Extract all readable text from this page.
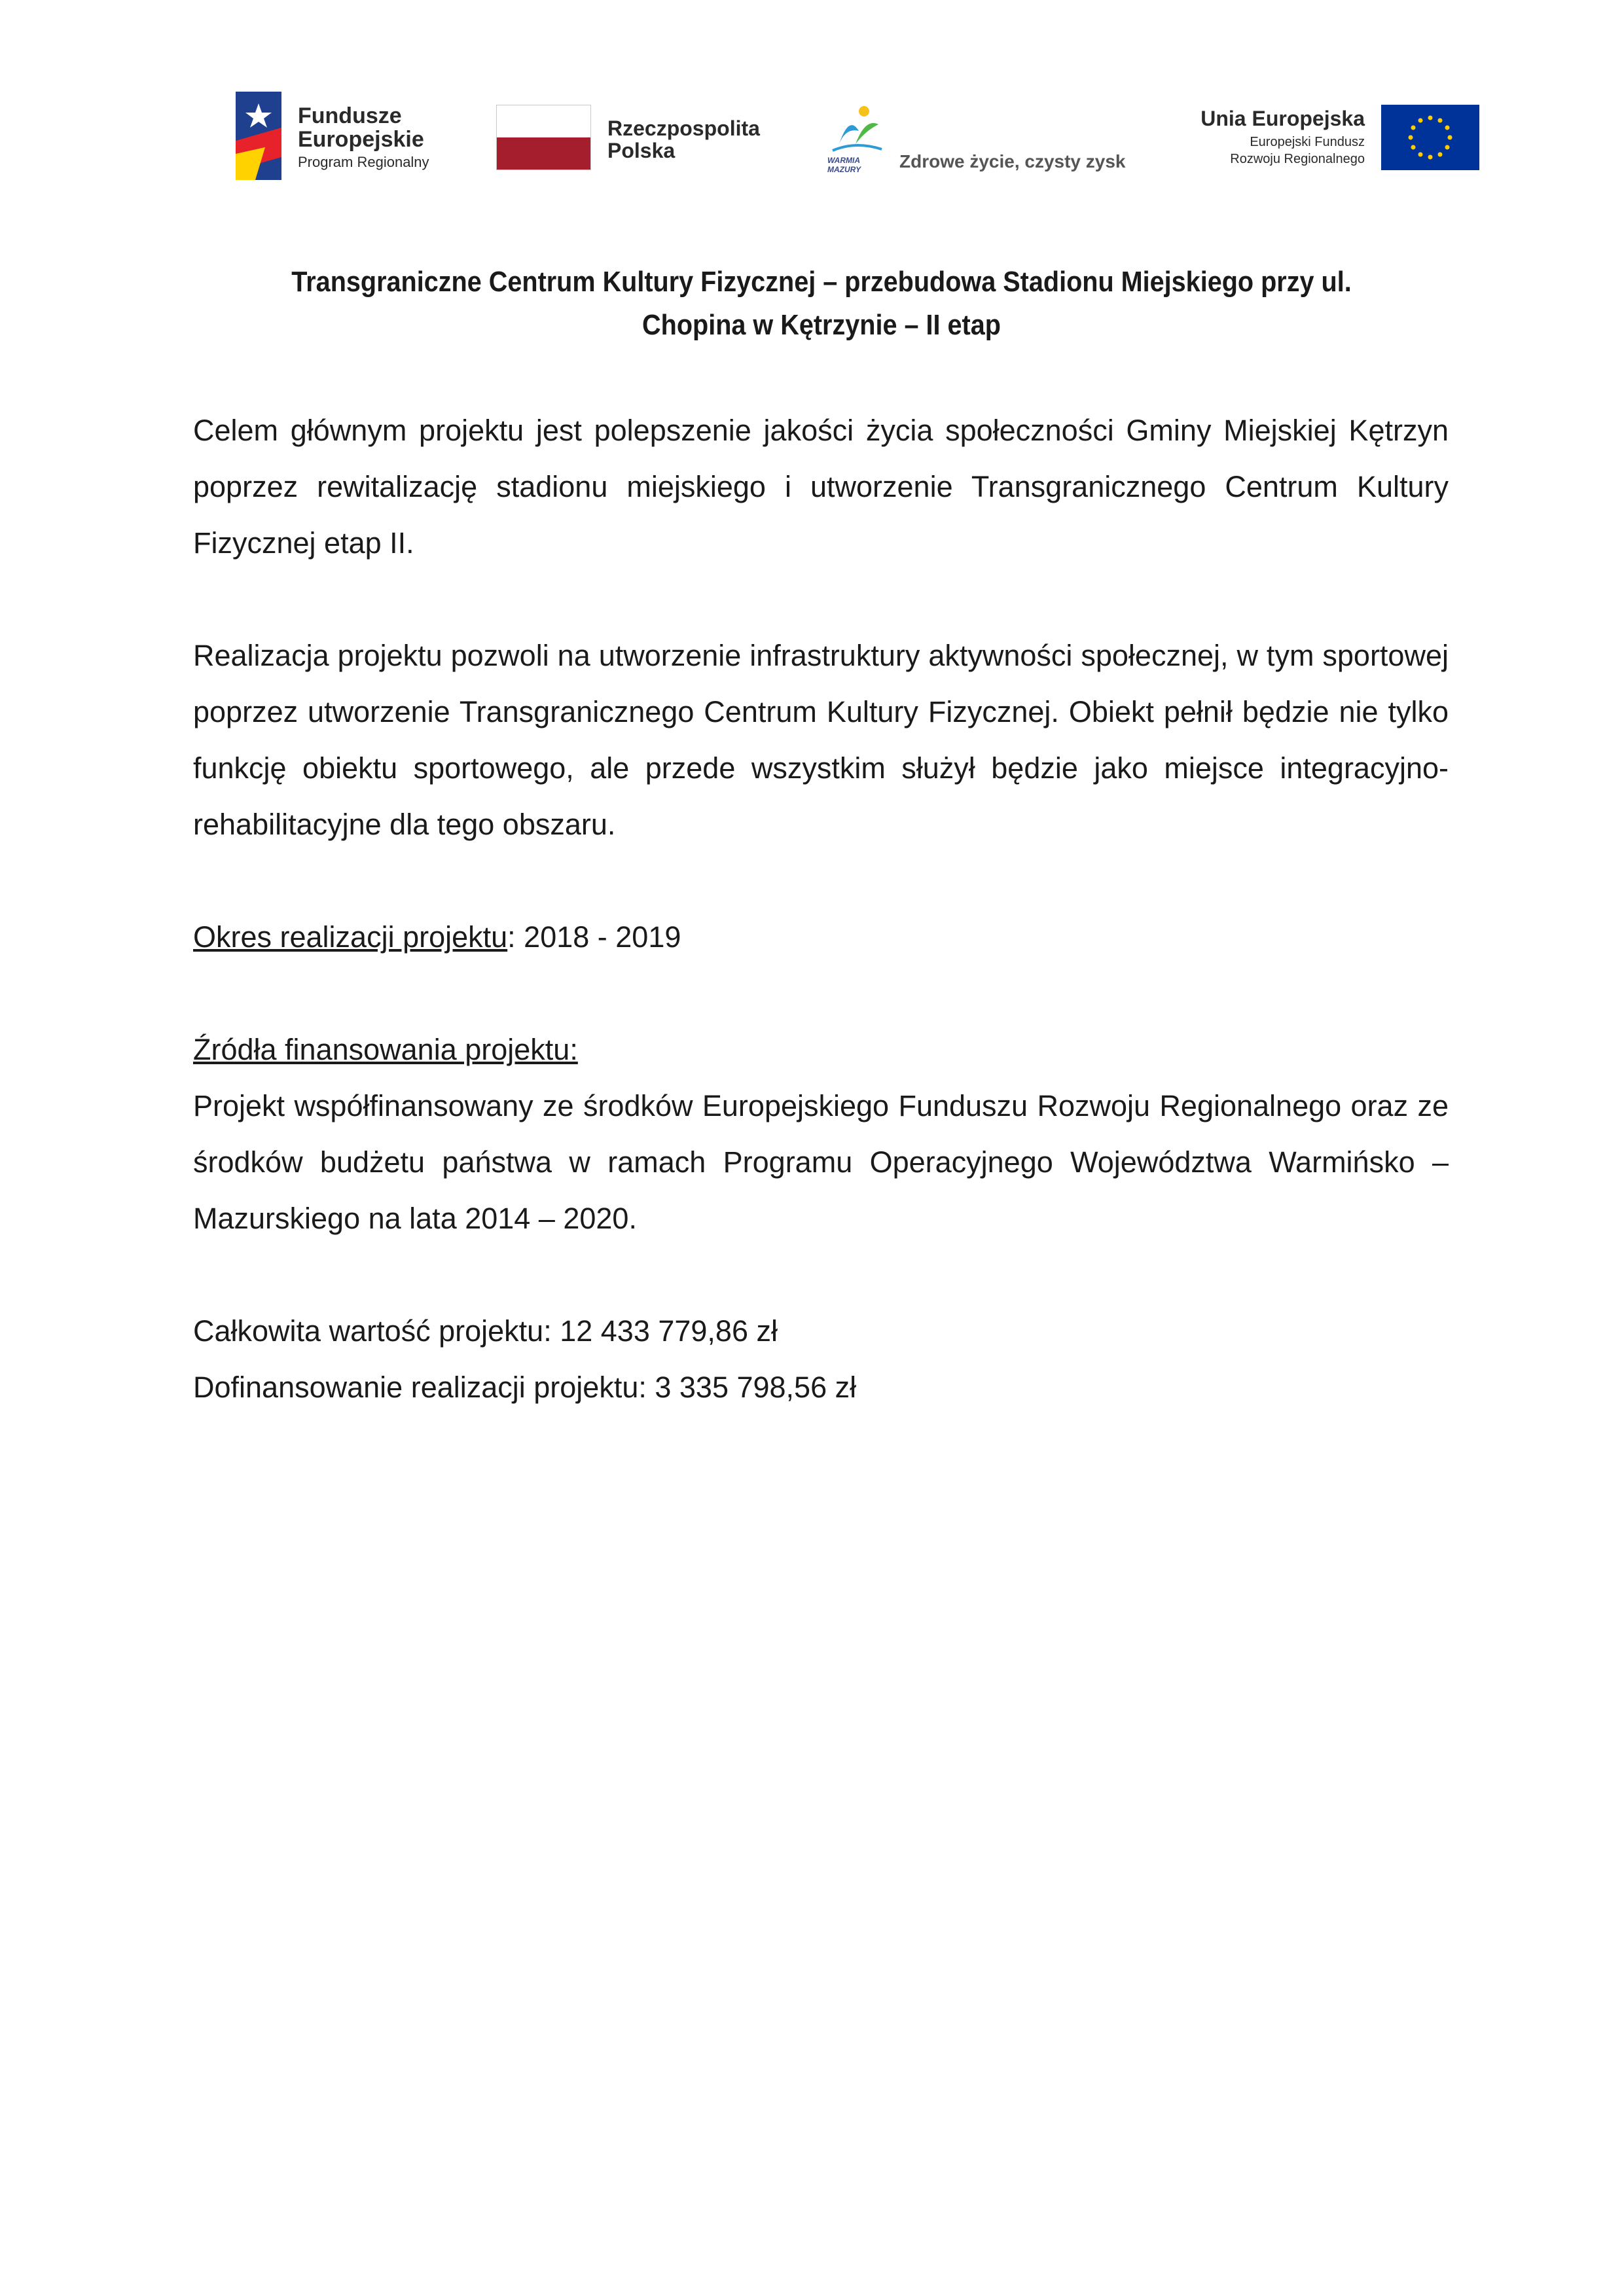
Fundusze
Europejskie
Program Regionalny
Rzeczpospolita
Polska	WARMIA
MAZURY Zdrowe życie, czysty zysk
Unia Europejska
Europejski Fundusz
Rozwoju Regionalnego
Transgraniczne Centrum Kultury Fizycznej – przebudowa Stadionu Miejskiego przy ul. Chopina w Kętrzynie – II etap

Celem głównym projektu jest polepszenie jakości życia społeczności Gminy Miejskiej Kętrzyn poprzez rewitalizację stadionu miejskiego i utworzenie Transgranicznego Centrum Kultury Fizycznej etap II.

Realizacja projektu pozwoli na utworzenie infrastruktury aktywności społecznej, w tym sportowej poprzez utworzenie Transgranicznego Centrum Kultury Fizycznej. Obiekt pełnił będzie nie tylko funkcję obiektu sportowego, ale przede wszystkim służył będzie jako miejsce integracyjno-rehabilitacyjne dla tego obszaru.

Okres realizacji projektu: 2018 - 2019

Źródła finansowania projektu:

Projekt współfinansowany ze środków Europejskiego Funduszu Rozwoju Regionalnego oraz ze środków budżetu państwa w ramach Programu Operacyjnego Województwa Warmińsko – Mazurskiego na lata 2014 – 2020.

Całkowita wartość projektu: 12 433 779,86 zł

Dofinansowanie realizacji projektu: 3 335 798,56 zł
